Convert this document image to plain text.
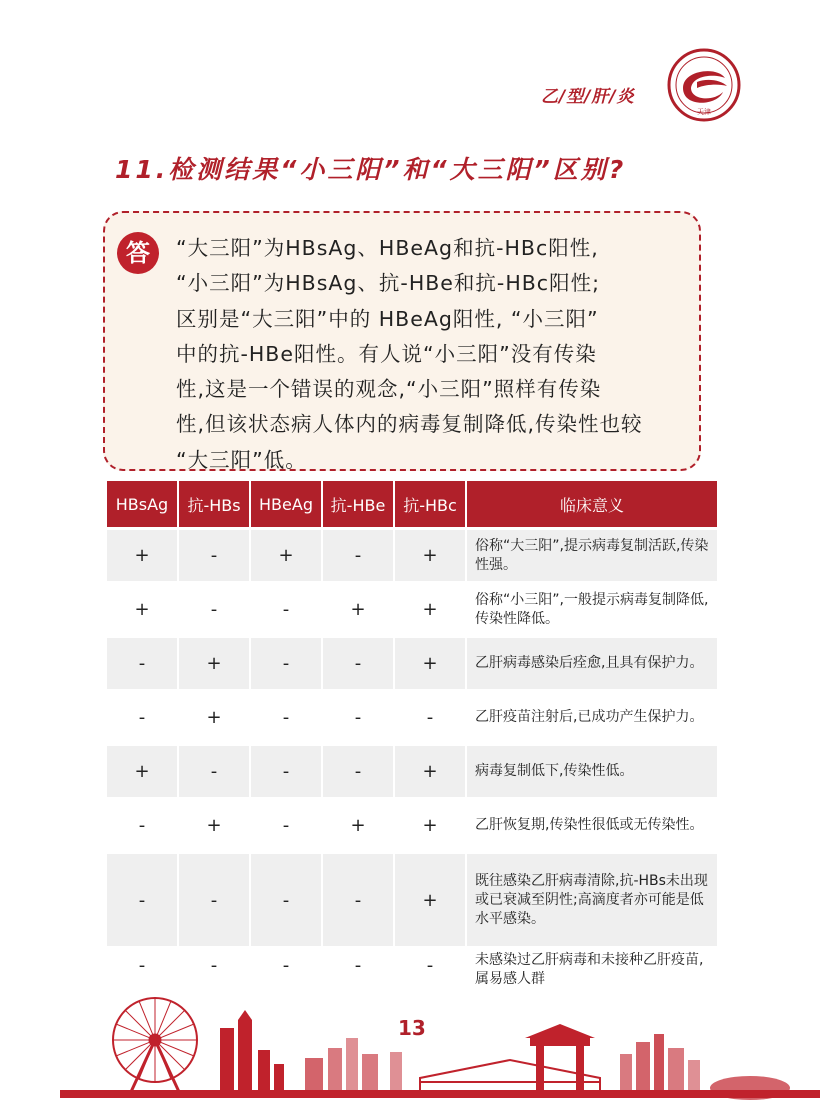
乙/型/肝/炎
天津
11.检测结果“小三阳”和“大三阳”区别?
答	“大三阳”为HBsAg、HBeAg和抗-HBc阳性,
“小三阳”为HBsAg、抗-HBe和抗-HBc阳性;
区别是“大三阳”中的 HBeAg阳性, “小三阳”
中的抗-HBe阳性。有人说“小三阳”没有传染
性,这是一个错误的观念,“小三阳”照样有传染
性,但该状态病人体内的病毒复制降低,传染性也较
“大三阳”低。
HBsAg	抗-HBs	HBeAg	抗-HBe	抗-HBc	临床意义
+	-	+	-	+	俗称“大三阳”,提示病毒复制活跃,传染性强。
+	-	-	+	+	俗称“小三阳”,一般提示病毒复制降低,传染性降低。
-	+	-	-	+	乙肝病毒感染后痊愈,且具有保护力。
-	+	-	-	-	乙肝疫苗注射后,已成功产生保护力。
+	-	-	-	+	病毒复制低下,传染性低。
-	+	-	+	+	乙肝恢复期,传染性很低或无传染性。
-	-	-	-	+	既往感染乙肝病毒清除,抗-HBs未出现或已衰减至阴性;高滴度者亦可能是低水平感染。
-	-	-	-	-	未感染过乙肝病毒和未接种乙肝疫苗,属易感人群
13
